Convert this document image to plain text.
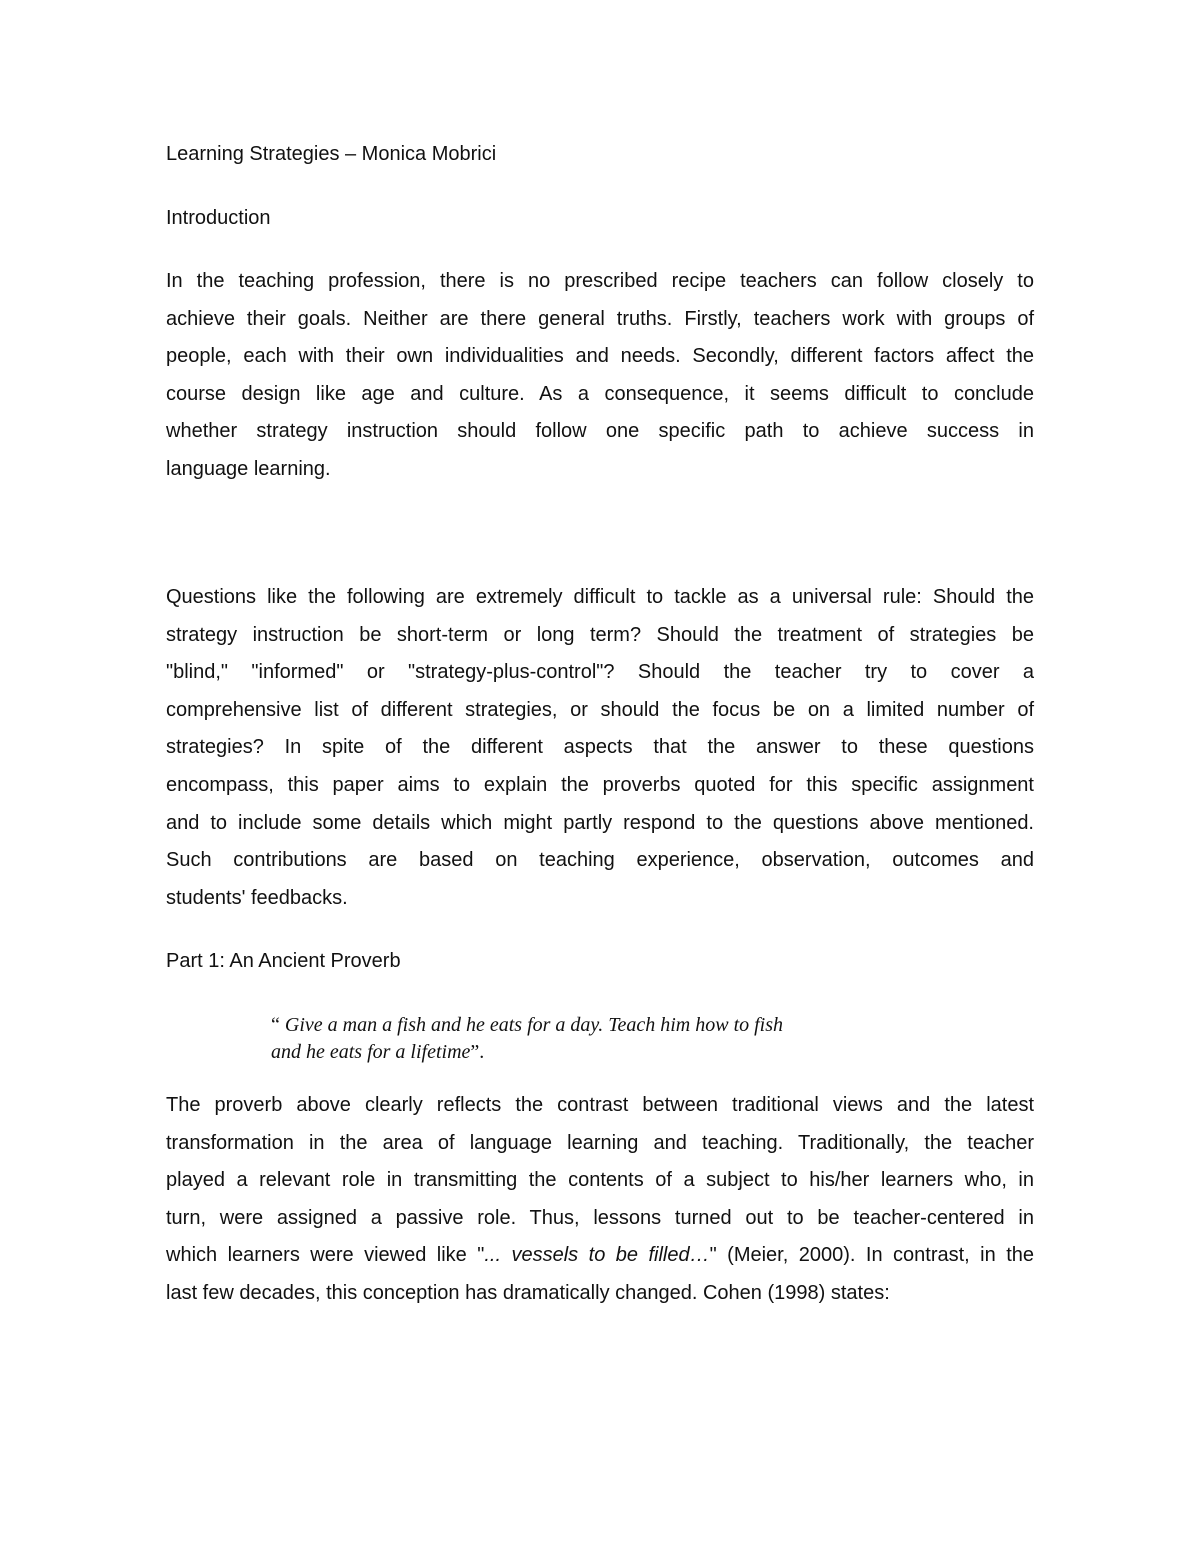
Learning Strategies – Monica Mobrici

Introduction

In the teaching profession, there is no prescribed recipe teachers can follow closely to
achieve their goals. Neither are there general truths. Firstly, teachers work with groups of
people, each with their own individualities and needs. Secondly, different factors affect the
course design like age and culture. As a consequence, it seems difficult to conclude
whether strategy instruction should follow one specific path to achieve success in
language learning.
Questions like the following are extremely difficult to tackle as a universal rule: Should the
strategy instruction be short-term or long term? Should the treatment of strategies be
"blind," "informed" or "strategy-plus-control"? Should the teacher try to cover a
comprehensive list of different strategies, or should the focus be on a limited number of
strategies? In spite of the different aspects that the answer to these questions
encompass, this paper aims to explain the proverbs quoted for this specific assignment
and to include some details which might partly respond to the questions above mentioned.
Such contributions are based on teaching experience, observation, outcomes and
students' feedbacks.

Part 1: An Ancient Proverb

“ Give a man a fish and he eats for a day. Teach him how to fish
and he eats for a lifetime”.
The proverb above clearly reflects the contrast between traditional views and the latest
transformation in the area of language learning and teaching. Traditionally, the teacher
played a relevant role in transmitting the contents of a subject to his/her learners who, in
turn, were assigned a passive role. Thus, lessons turned out to be teacher-centered in
which learners were viewed like "... vessels to be filled…" (Meier, 2000). In contrast, in the
last few decades, this conception has dramatically changed. Cohen (1998) states:
